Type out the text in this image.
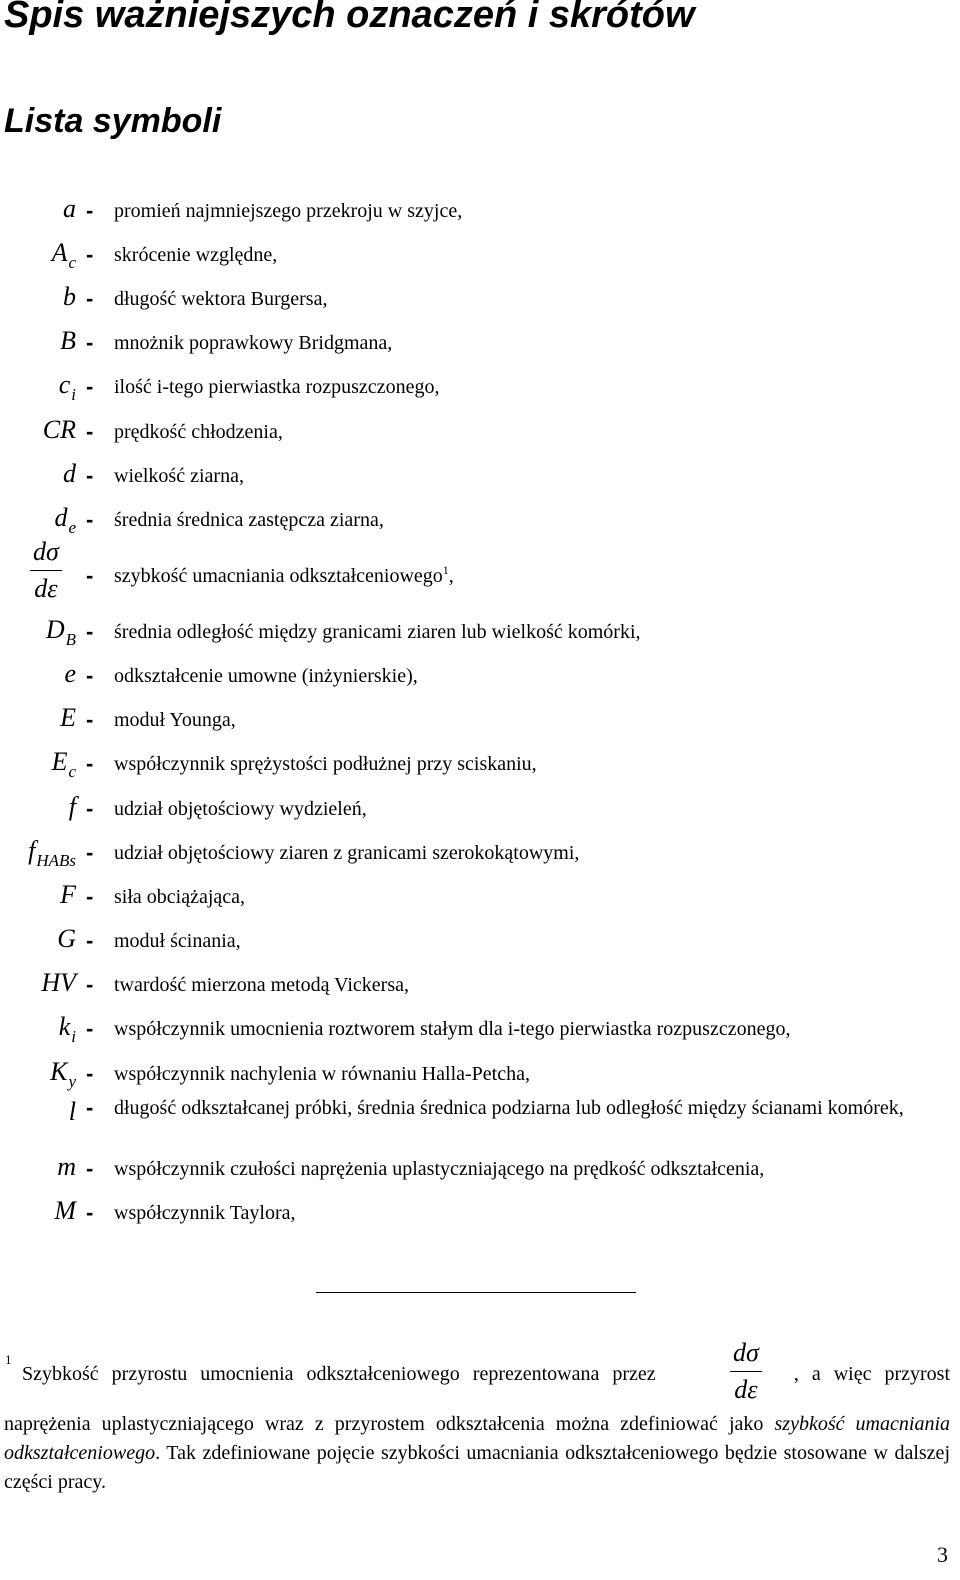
Spis ważniejszych oznaczeń i skrótów
Lista symboli
a - promień najmniejszego przekroju w szyjce,
$A_c$ - skrócenie względne,
b - długość wektora Burgersa,
B - mnożnik poprawkowy Bridgmana,
$c_i$ - ilość i-tego pierwiastka rozpuszczonego,
CR - prędkość chłodzenia,
d - wielkość ziarna,
$d_e$ - średnia średnica zastępcza ziarna,
dσ
dε - szybkość umacniania odkształceniowego$^1$,
$D_B$ - średnia odległość między granicami ziaren lub wielkość komórki,
e - odkształcenie umowne (inżynierskie),
E - moduł Younga,
$E_c$ - współczynnik sprężystości podłużnej przy sciskaniu,
f - udział objętościowy wydzieleń,
$f_{HABs}$ - udział objętościowy ziaren z granicami szerokokątowymi,
F - siła obciążająca,
G - moduł ścinania,
HV - twardość mierzona metodą Vickersa,
$k_i$ - współczynnik umocnienia roztworem stałym dla i-tego pierwiastka rozpuszczonego,
$K_y$ - współczynnik nachylenia w równaniu Halla-Petcha,
l - długość odkształcanej próbki, średnia średnica podziarna lub odległość między ścianami komórek,
m - współczynnik czułości naprężenia uplastyczniającego na prędkość odkształcenia,
M - współczynnik Taylora,
1
Szybkość przyrostu umocnienia odkształceniowego reprezentowana przez	, a więc przyrost
dσ
dε
naprężenia uplastyczniającego wraz z przyrostem odkształcenia można zdefiniować jako szybkość umacniania odkształceniowego. Tak zdefiniowane pojęcie szybkości umacniania odkształceniowego będzie stosowane w dalszej części pracy.
3
